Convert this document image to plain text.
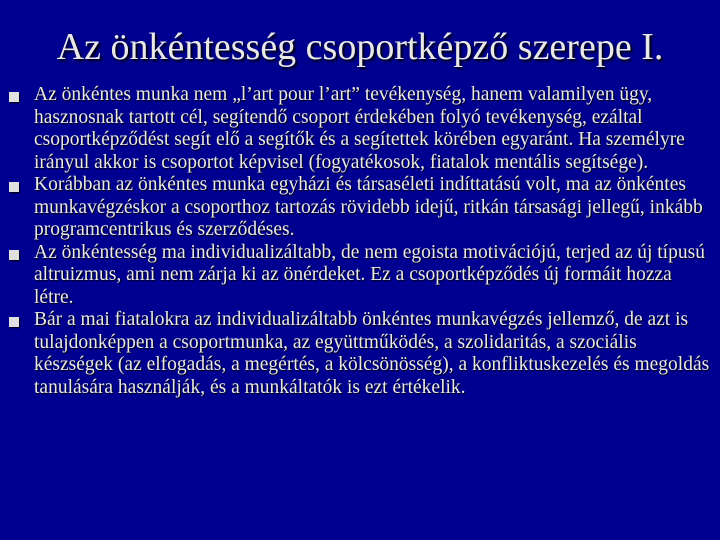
Az önkéntesség csoportképző szerepe I.
Az önkéntes munka nem „l’art pour l’art” tevékenység, hanem valamilyen ügy, hasznosnak tartott cél, segítendő csoport érdekében folyó tevékenység, ezáltal csoportképződést segít elő a segítők és a segítettek körében egyaránt. Ha személyre irányul akkor is csoportot képvisel (fogyatékosok, fiatalok mentális segítsége).
Korábban az önkéntes munka egyházi és társaséleti indíttatású volt, ma az önkéntes munkavégzéskor a csoporthoz tartozás rövidebb idejű, ritkán társasági jellegű, inkább programcentrikus és szerződéses.
Az önkéntesség ma individualizáltabb, de nem egoista motivációjú, terjed az új típusú altruizmus, ami nem zárja ki az önérdeket. Ez a csoportképződés új formáit hozza létre.
Bár a mai fiatalokra az individualizáltabb önkéntes munkavégzés jellemző, de azt is tulajdonképpen a csoportmunka, az együttműködés, a szolidaritás, a szociális készségek (az elfogadás, a megértés, a kölcsönösség), a konfliktuskezelés és megoldás tanulására használják, és a munkáltatók is ezt értékelik.
